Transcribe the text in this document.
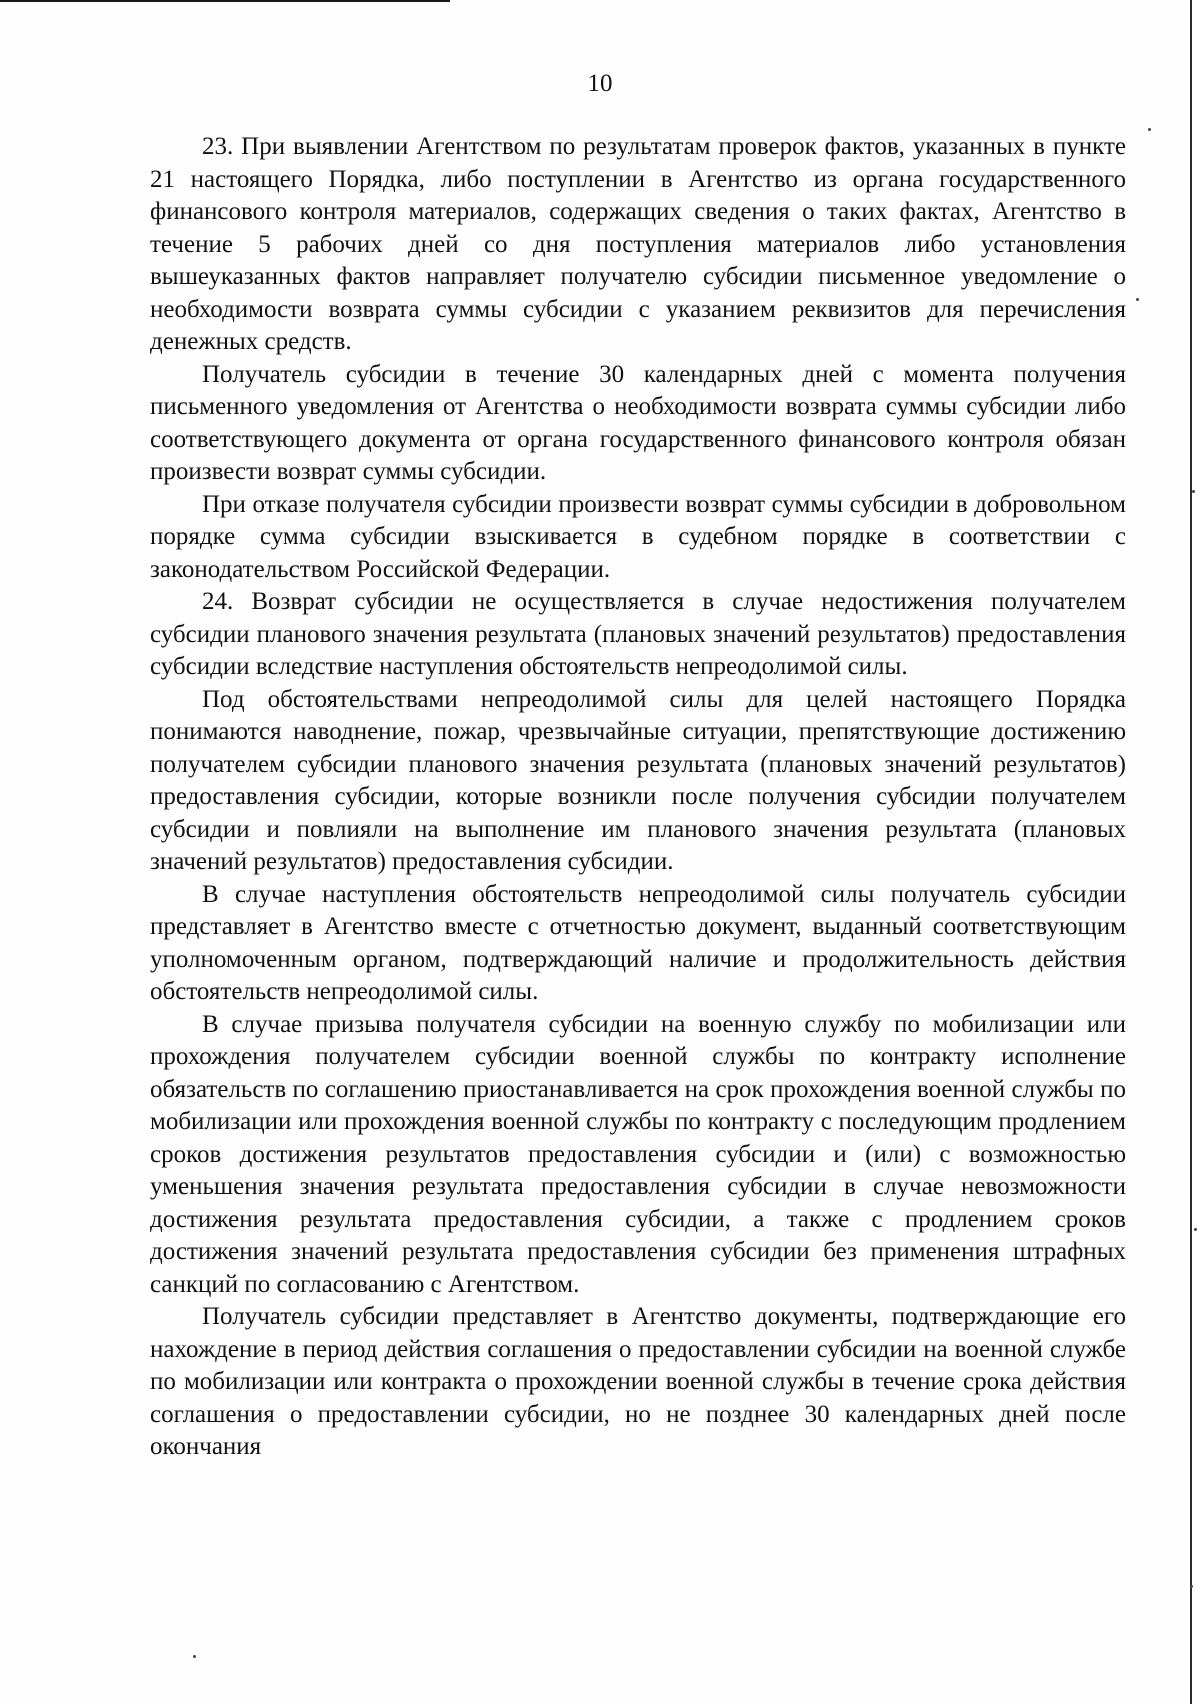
10

23. При выявлении Агентством по результатам проверок фактов, указанных в пункте 21 настоящего Порядка, либо поступлении в Агентство из органа государственного финансового контроля материалов, содержащих сведения о таких фактах, Агентство в течение 5 рабочих дней со дня поступления материалов либо установления вышеуказанных фактов направляет получателю субсидии письменное уведомление о необходимости возврата суммы субсидии с указанием реквизитов для перечисления денежных средств.

Получатель субсидии в течение 30 календарных дней с момента получения письменного уведомления от Агентства о необходимости возврата суммы субсидии либо соответствующего документа от органа государственного финансового контроля обязан произвести возврат суммы субсидии.

При отказе получателя субсидии произвести возврат суммы субсидии в добровольном порядке сумма субсидии взыскивается в судебном порядке в соответствии с законодательством Российской Федерации.

24. Возврат субсидии не осуществляется в случае недостижения получателем субсидии планового значения результата (плановых значений результатов) предоставления субсидии вследствие наступления обстоятельств непреодолимой силы.

Под обстоятельствами непреодолимой силы для целей настоящего Порядка понимаются наводнение, пожар, чрезвычайные ситуации, препятствующие достижению получателем субсидии планового значения результата (плановых значений результатов) предоставления субсидии, которые возникли после получения субсидии получателем субсидии и повлияли на выполнение им планового значения результата (плановых значений результатов) предоставления субсидии.

В случае наступления обстоятельств непреодолимой силы получатель субсидии представляет в Агентство вместе с отчетностью документ, выданный соответствующим уполномоченным органом, подтверждающий наличие и продолжительность действия обстоятельств непреодолимой силы.

В случае призыва получателя субсидии на военную службу по мобилизации или прохождения получателем субсидии военной службы по контракту исполнение обязательств по соглашению приостанавливается на срок прохождения военной службы по мобилизации или прохождения военной службы по контракту с последующим продлением сроков достижения результатов предоставления субсидии и (или) с возможностью уменьшения значения результата предоставления субсидии в случае невозможности достижения результата предоставления субсидии, а также с продлением сроков достижения значений результата предоставления субсидии без применения штрафных санкций по согласованию с Агентством.

Получатель субсидии представляет в Агентство документы, подтверждающие его нахождение в период действия соглашения о предоставлении субсидии на военной службе по мобилизации или контракта о прохождении военной службы в течение срока действия соглашения о предоставлении субсидии, но не позднее 30 календарных дней после окончания
